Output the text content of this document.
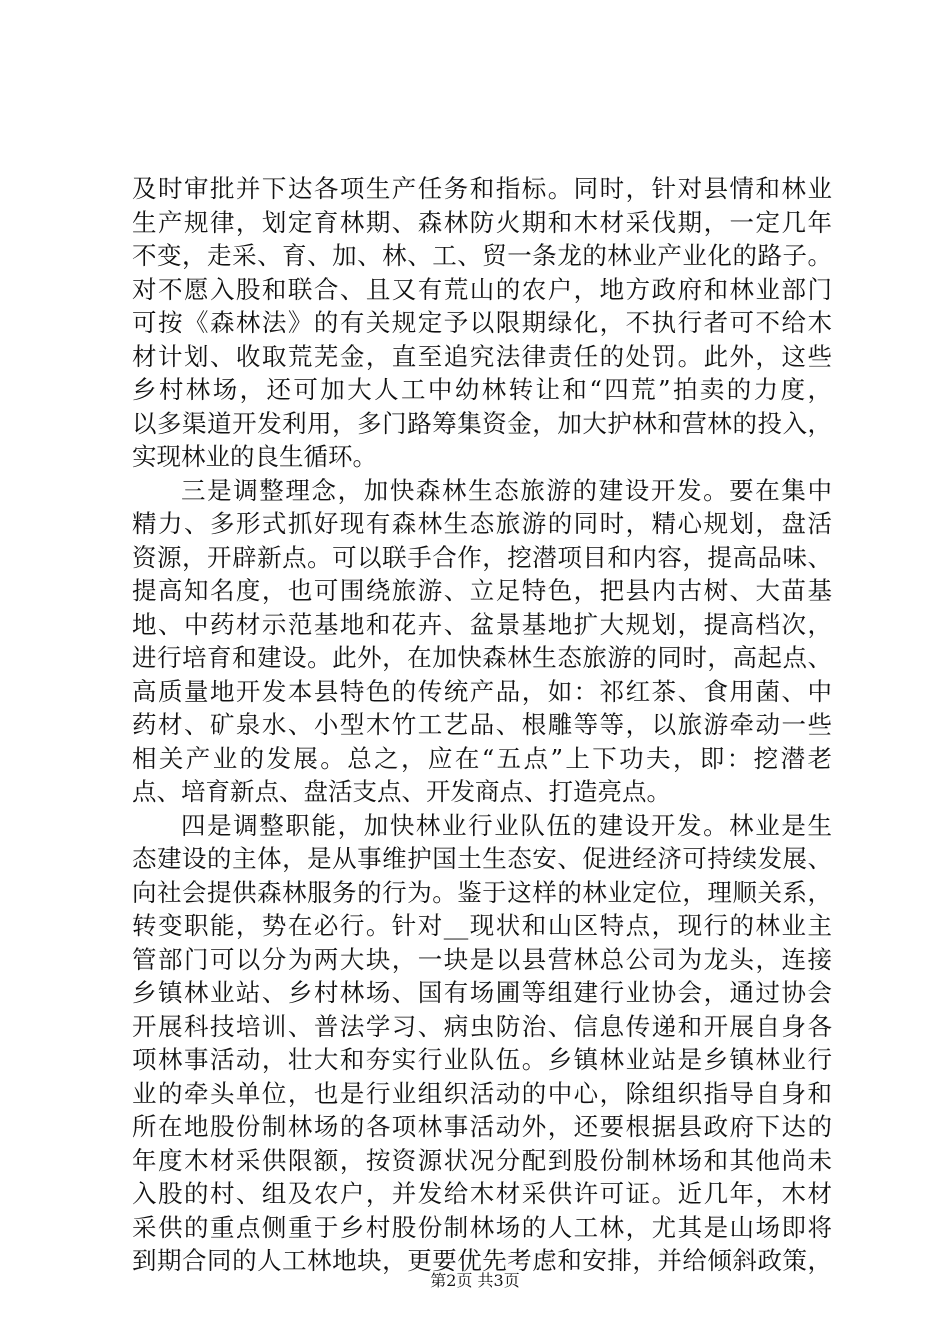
及时审批并下达各项生产任务和指标。同时，针对县情和林业
生产规律，划定育林期、森林防火期和木材采伐期，一定几年
不变，走采、育、加、林、工、贸一条龙的林业产业化的路子。
对不愿入股和联合、且又有荒山的农户，地方政府和林业部门
可按《森林法》的有关规定予以限期绿化，不执行者可不给木
材计划、收取荒芜金，直至追究法律责任的处罚。此外，这些
乡村林场，还可加大人工中幼林转让和“四荒”拍卖的力度，
以多渠道开发利用，多门路筹集资金，加大护林和营林的投入，
实现林业的良生循环。
三是调整理念，加快森林生态旅游的建设开发。要在集中
精力、多形式抓好现有森林生态旅游的同时，精心规划，盘活
资源，开辟新点。可以联手合作，挖潜项目和内容，提高品味、
提高知名度，也可围绕旅游、立足特色，把县内古树、大苗基
地、中药材示范基地和花卉、盆景基地扩大规划，提高档次，
进行培育和建设。此外，在加快森林生态旅游的同时，高起点、
高质量地开发本县特色的传统产品，如：祁红茶、食用菌、中
药材、矿泉水、小型木竹工艺品、根雕等等，以旅游牵动一些
相关产业的发展。总之，应在“五点”上下功夫，即：挖潜老
点、培育新点、盘活支点、开发商点、打造亮点。
四是调整职能，加快林业行业队伍的建设开发。林业是生
态建设的主体，是从事维护国土生态安、促进经济可持续发展、
向社会提供森林服务的行为。鉴于这样的林业定位，理顺关系，
转变职能，势在必行。针对__现状和山区特点，现行的林业主
管部门可以分为两大块，一块是以县营林总公司为龙头，连接
乡镇林业站、乡村林场、国有场圃等组建行业协会，通过协会
开展科技培训、普法学习、病虫防治、信息传递和开展自身各
项林事活动，壮大和夯实行业队伍。乡镇林业站是乡镇林业行
业的牵头单位，也是行业组织活动的中心，除组织指导自身和
所在地股份制林场的各项林事活动外，还要根据县政府下达的
年度木材采供限额，按资源状况分配到股份制林场和其他尚未
入股的村、组及农户，并发给木材采供许可证。近几年，木材
采供的重点侧重于乡村股份制林场的人工林，尤其是山场即将
到期合同的人工林地块，更要优先考虑和安排，并给倾斜政策，
第2页 共3页
